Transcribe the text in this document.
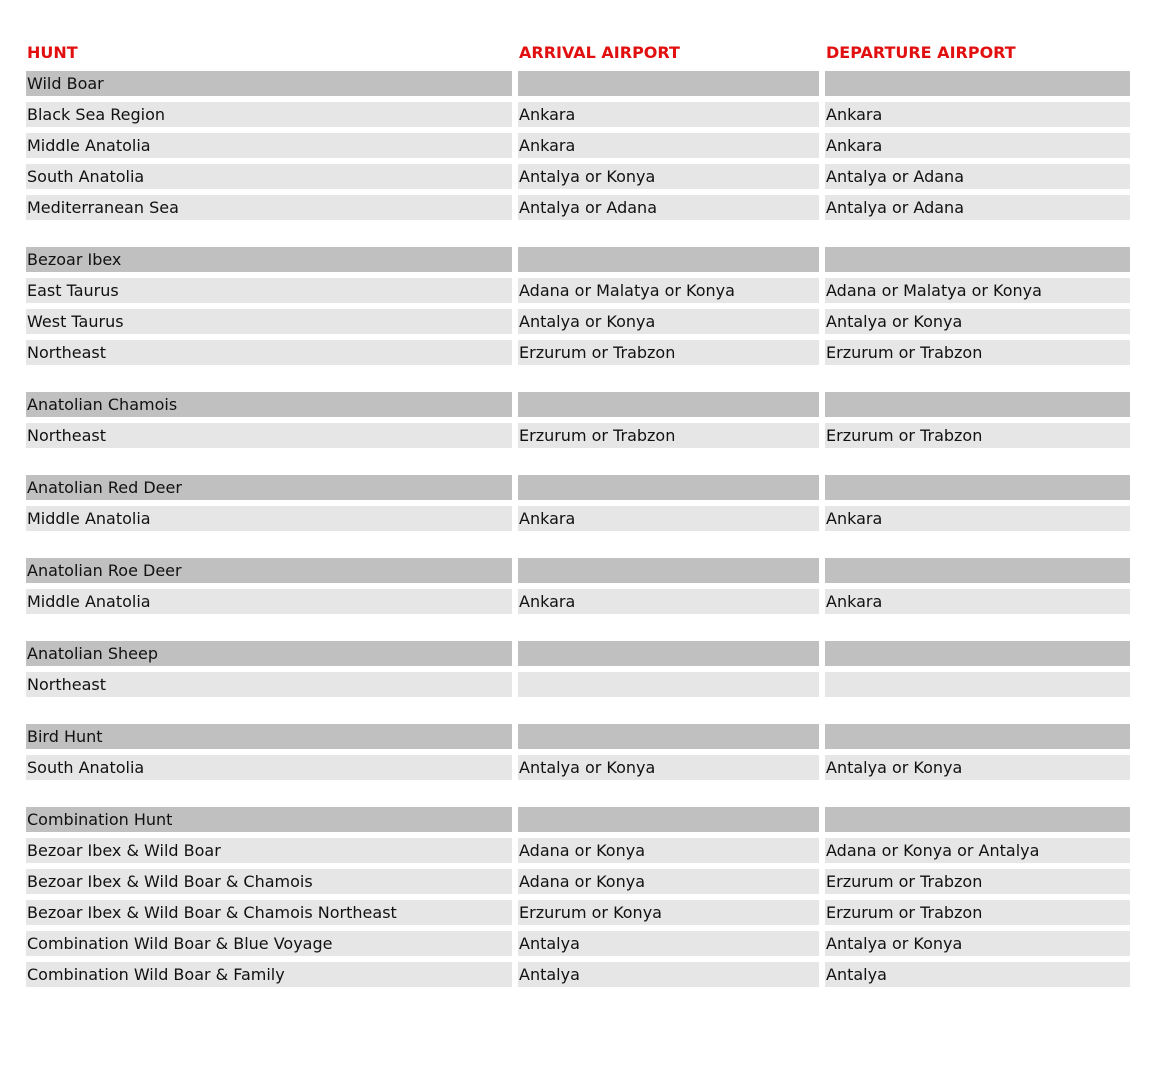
HUNT	ARRIVAL AIRPORT	DEPARTURE AIRPORT
Wild Boar
Black Sea Region	Ankara	Ankara
Middle Anatolia	Ankara	Ankara
South Anatolia	Antalya or Konya	Antalya or Adana
Mediterranean Sea	Antalya or Adana	Antalya or Adana
Bezoar Ibex
East Taurus	Adana or Malatya or Konya	Adana or Malatya or Konya
West Taurus	Antalya or Konya	Antalya or Konya
Northeast	Erzurum or Trabzon	Erzurum or Trabzon
Anatolian Chamois
Northeast	Erzurum or Trabzon	Erzurum or Trabzon
Anatolian Red Deer
Middle Anatolia	Ankara	Ankara
Anatolian Roe Deer
Middle Anatolia	Ankara	Ankara
Anatolian Sheep
Northeast
Bird Hunt
South Anatolia	Antalya or Konya	Antalya or Konya
Combination Hunt
Bezoar Ibex & Wild Boar	Adana or Konya	Adana or Konya or Antalya
Bezoar Ibex & Wild Boar & Chamois	Adana or Konya	Erzurum or Trabzon
Bezoar Ibex & Wild Boar & Chamois Northeast	Erzurum or Konya	Erzurum or Trabzon
Combination Wild Boar & Blue Voyage	Antalya	Antalya or Konya
Combination Wild Boar & Family	Antalya	Antalya
